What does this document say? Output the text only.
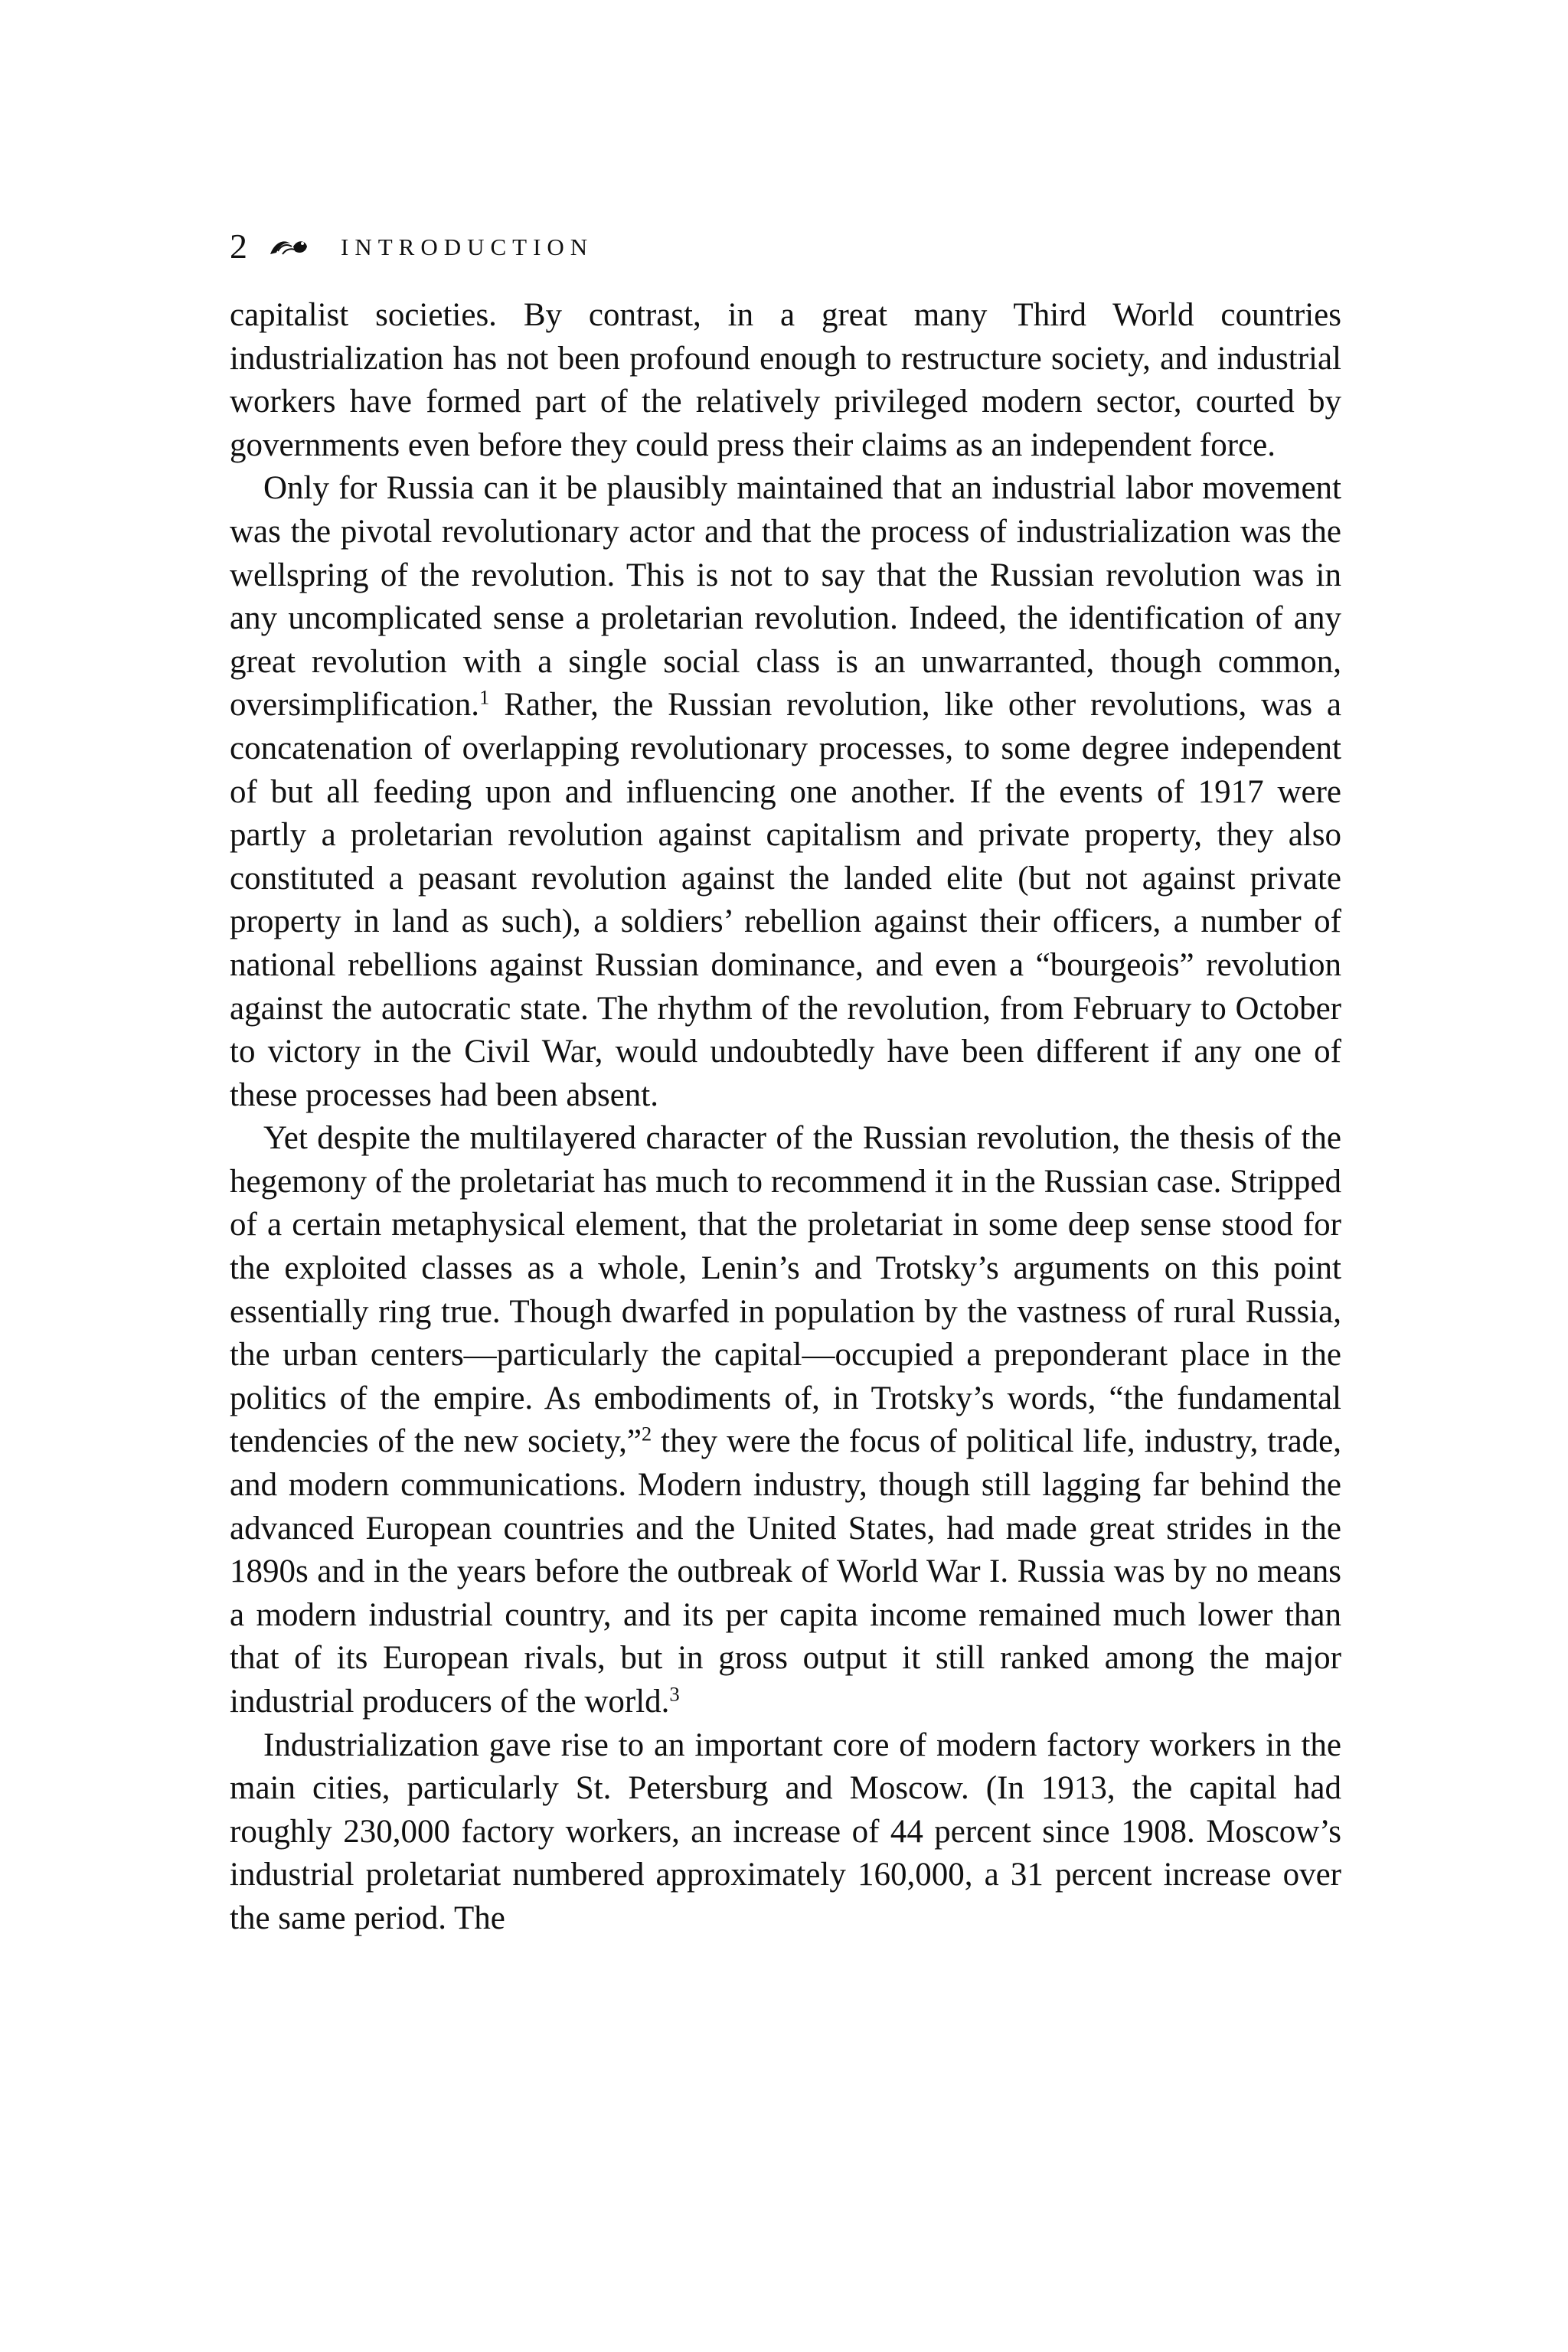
2	INTRODUCTION

capitalist societies. By contrast, in a great many Third World countries industrialization has not been profound enough to restructure society, and industrial workers have formed part of the relatively privileged modern sector, courted by governments even before they could press their claims as an independent force.

Only for Russia can it be plausibly maintained that an industrial labor movement was the pivotal revolutionary actor and that the process of industrialization was the wellspring of the revolution. This is not to say that the Russian revolution was in any uncomplicated sense a proletarian revolution. Indeed, the identification of any great revolution with a single social class is an unwarranted, though common, oversimplification.$^1$ Rather, the Russian revolution, like other revolutions, was a concatenation of overlapping revolutionary processes, to some degree independent of but all feeding upon and influencing one another. If the events of 1917 were partly a proletarian revolution against capitalism and private property, they also constituted a peasant revolution against the landed elite (but not against private property in land as such), a soldiers’ rebellion against their officers, a number of national rebellions against Russian dominance, and even a “bourgeois” revolution against the autocratic state. The rhythm of the revolution, from February to October to victory in the Civil War, would undoubtedly have been different if any one of these processes had been absent.

Yet despite the multilayered character of the Russian revolution, the thesis of the hegemony of the proletariat has much to recommend it in the Russian case. Stripped of a certain metaphysical element, that the proletariat in some deep sense stood for the exploited classes as a whole, Lenin’s and Trotsky’s arguments on this point essentially ring true. Though dwarfed in population by the vastness of rural Russia, the urban centers—particularly the capital—occupied a preponderant place in the politics of the empire. As embodiments of, in Trotsky’s words, “the fundamental tendencies of the new society,”$^2$ they were the focus of political life, industry, trade, and modern communications. Modern industry, though still lagging far behind the advanced European countries and the United States, had made great strides in the 1890s and in the years before the outbreak of World War I. Russia was by no means a modern industrial country, and its per capita income remained much lower than that of its European rivals, but in gross output it still ranked among the major industrial producers of the world.$^3$

Industrialization gave rise to an important core of modern factory workers in the main cities, particularly St. Petersburg and Moscow. (In 1913, the capital had roughly 230,000 factory workers, an increase of 44 percent since 1908. Moscow’s industrial proletariat numbered approximately 160,000, a 31 percent increase over the same period. The
